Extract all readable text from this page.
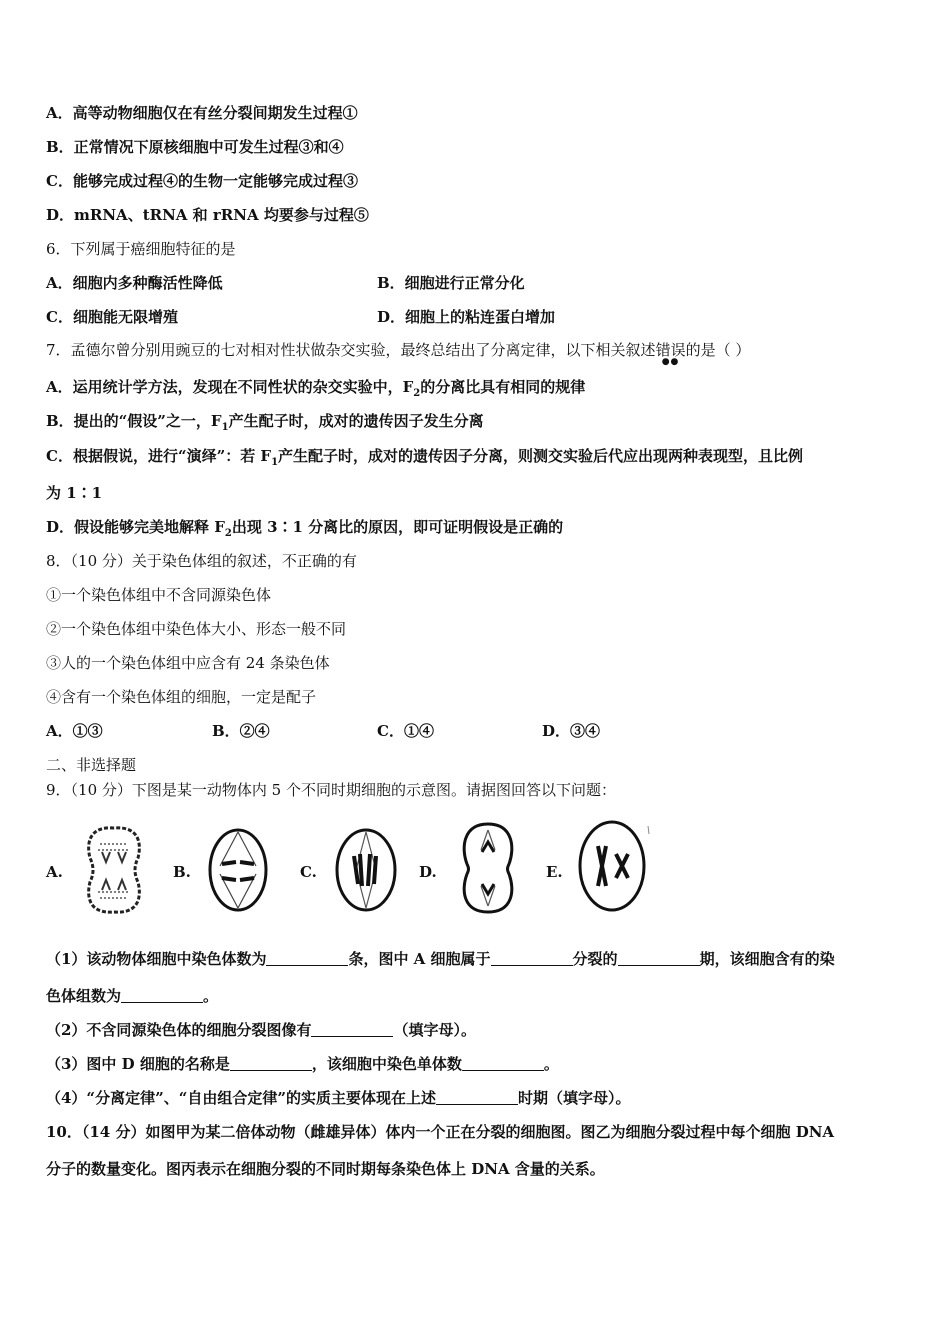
A．高等动物细胞仅在有丝分裂间期发生过程①
B．正常情况下原核细胞中可发生过程③和④
C．能够完成过程④的生物一定能够完成过程③
D．mRNA、tRNA 和 rRNA 均要参与过程⑤
6．下列属于癌细胞特征的是
A．细胞内多种酶活性降低	B．细胞进行正常分化
C．细胞能无限增殖	D．细胞上的粘连蛋白增加
7．孟德尔曾分别用豌豆的七对相对性状做杂交实验，最终总结出了分离定律，以下相关叙述错误
●●
的是（ ）
A．运用统计学方法，发现在不同性状的杂交实验中，$F_2$的分离比具有相同的规律
B．提出的“假设”之一，$F_1$产生配子时，成对的遗传因子发生分离
C．根据假说，进行“演绎”：若 $F_1$产生配子时，成对的遗传因子分离，则测交实验后代应出现两种表现型，且比例
为 1∶1
D．假设能够完美地解释 $F_2$出现 3∶1 分离比的原因，即可证明假设是正确的
8．（10 分）关于染色体组的叙述，不正确的有
①一个染色体组中不含同源染色体
②一个染色体组中染色体大小、形态一般不同
③人的一个染色体组中应含有 24 条染色体
④含有一个染色体组的细胞，一定是配子
A．①③	B．②④	C．①④	D．③④
二、非选择题
9．（10 分）下图是某一动物体内 5 个不同时期细胞的示意图。请据图回答以下问题：
A.	B.	C.	D.	E.
（1）该动物体细胞中染色体数为	条，图中 A 细胞属于	分裂的	期，该细胞含有的染
色体组数为	。
（2）不含同源染色体的细胞分裂图像有	（填字母）。
（3）图中 D 细胞的名称是	，该细胞中染色单体数	。
（4）“分离定律”、“自由组合定律”的实质主要体现在上述	时期（填字母）。
10．（14 分）如图甲为某二倍体动物（雌雄异体）体内一个正在分裂的细胞图。图乙为细胞分裂过程中每个细胞 DNA
分子的数量变化。图丙表示在细胞分裂的不同时期每条染色体上 DNA 含量的关系。
